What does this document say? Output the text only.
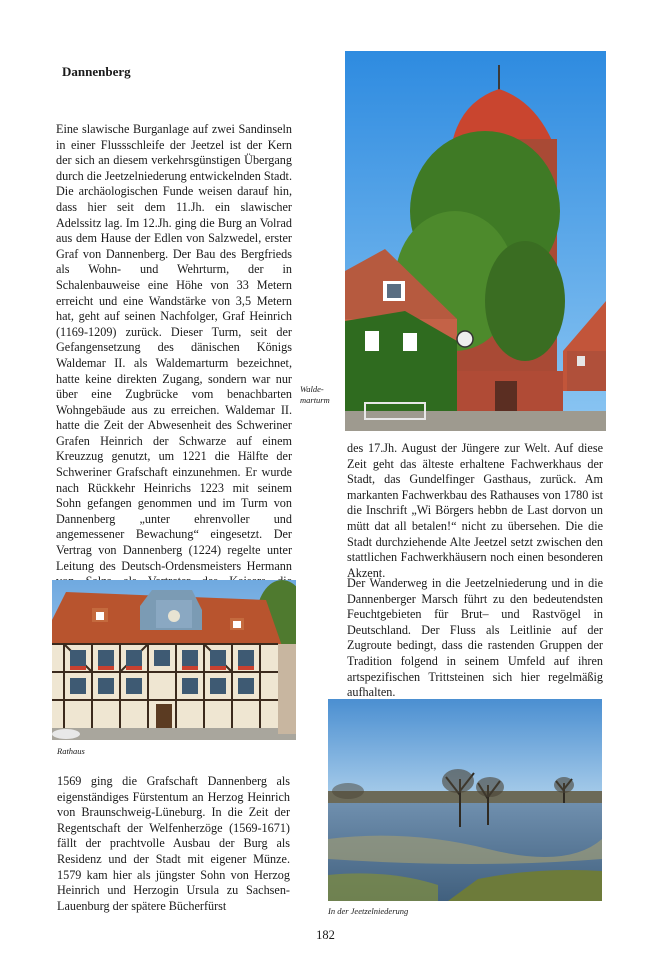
Dannenberg

Eine slawische Burganlage auf zwei Sandinseln in einer Flussschleife der Jeetzel ist der Kern der sich an diesem verkehrsgünstigen Übergang durch die Jeetzelniederung entwickelnden Stadt. Die archäologischen Funde weisen darauf hin, dass hier seit dem 11.Jh. ein slawischer Adelssitz lag. Im 12.Jh. ging die Burg an Volrad aus dem Hause der Edlen von Salzwedel, erster Graf von Dannenberg. Der Bau des Bergfrieds als Wohn- und Wehrturm, der in Schalenbauweise eine Höhe von 33 Metern erreicht und eine Wandstärke von 3,5 Metern hat, geht auf seinen Nachfolger, Graf Heinrich (1169-1209) zurück. Dieser Turm, seit der Gefangensetzung des dänischen Königs Waldemar II. als Waldemarturm bezeichnet, hatte keine direkten Zugang, sondern war nur über eine Zugbrücke vom benachbarten Wohngebäude aus zu erreichen. Waldemar II. hatte die Zeit der Abwesenheit des Schweriner Grafen Heinrich der Schwarze auf einem Kreuzzug genutzt, um 1221 die Hälfte der Schweriner Grafschaft einzunehmen. Er wurde nach Rückkehr Heinrichs 1223 mit seinem Sohn gefangen genommen und im Turm von Dannenberg „unter ehrenvoller und angemessener Bewachung“ eingesetzt. Der Vertrag von Dannenberg (1224) regelte unter Leitung des Deutsch-Ordensmeisters Hermann

Rathaus

1569 ging die Grafschaft Dannenberg als eigenständiges Fürstentum an Herzog Heinrich von Braunschweig-Lüneburg. In die Zeit der Regentschaft der Welfenherzöge (1569-1671) fällt der prachtvolle Ausbau der Burg als Residenz und der Stadt mit eigener Münze. 1579 kam hier als jüngster Sohn von Herzog Heinrich und Herzogin Ursula zu Sachsen-Lauenburg der spätere Bücherfürst

Walde-

marturm

des 17.Jh. August der Jüngere zur Welt. Auf diese Zeit geht das älteste erhaltene Fachwerkhaus der Stadt, das Gundelfinger Gasthaus, zurück. Am markanten Fachwerkbau des Rathauses von 1780 ist die Inschrift „Wi Börgers hebbn de Last dorvon un mütt dat all betalen!“ nicht zu übersehen. Die die Stadt durchziehende Alte Jeetzel setzt zwischen den stattlichen Fachwerkhäusern noch einen besonderen Akzent.

Der Wanderweg in die Jeetzelniederung und in die Dannenberger Marsch führt zu den bedeutendsten Feuchtgebieten für Brut– und Rastvögel in Deutschland. Der Fluss als Leitlinie auf der Zugroute bedingt, dass die rastenden Gruppen der Tradition folgend in seinem Umfeld auf ihren artspezifischen Trittsteinen sich hier regelmäßig aufhalten.

In der Jeetzelniederung

182
